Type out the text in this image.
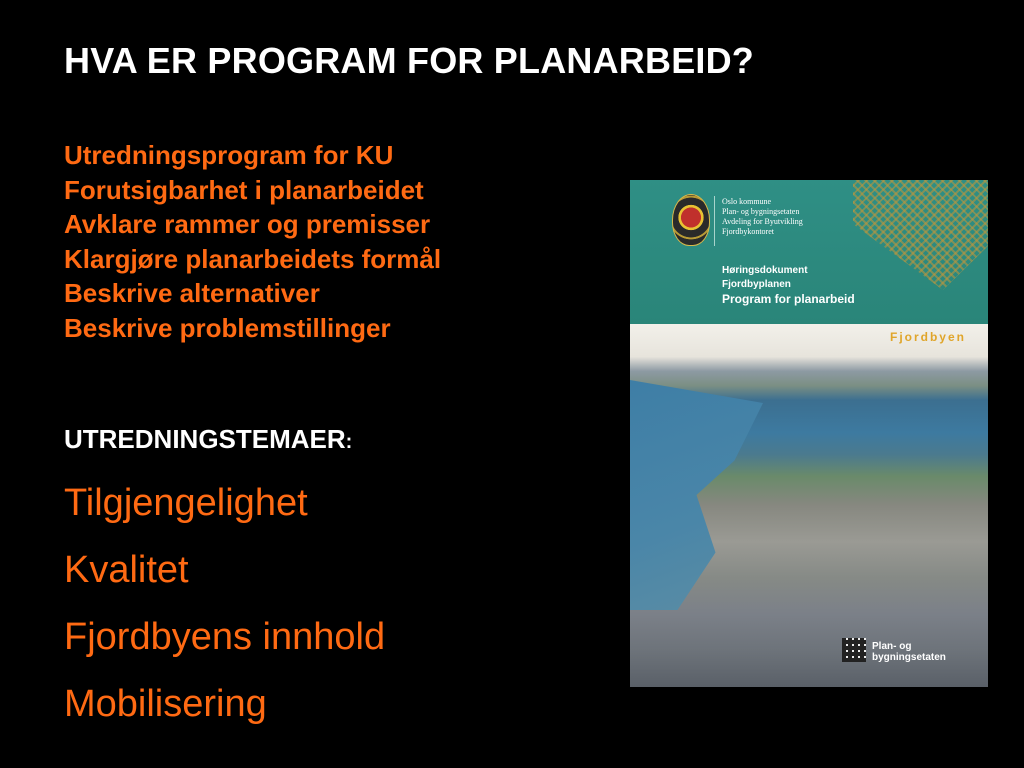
HVA ER PROGRAM FOR PLANARBEID?
Utredningsprogram for KU
Forutsigbarhet i planarbeidet
Avklare rammer og premisser
Klargjøre planarbeidets formål
Beskrive alternativer
Beskrive problemstillinger
UTREDNINGSTEMAER:
Tilgjengelighet
Kvalitet
Fjordbyens innhold
Mobilisering
Oslo kommune
Plan- og bygningsetaten
Avdeling for Byutvikling
Fjordbykontoret
Høringsdokument
Fjordbyplanen
Program for planarbeid
Fjordbyen
Plan- og
bygningsetaten
